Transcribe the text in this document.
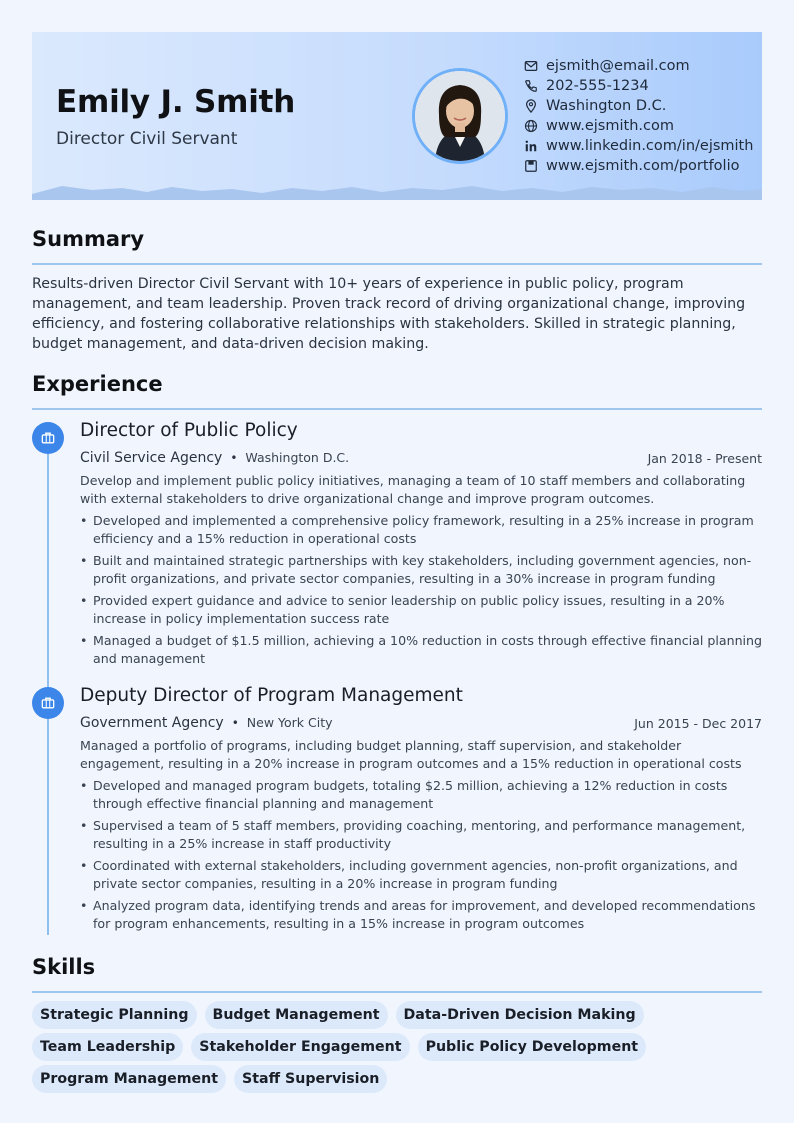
Emily J. Smith
Director Civil Servant
ejsmith@email.com
202-555-1234
Washington D.C.
www.ejsmith.com
www.linkedin.com/in/ejsmith
www.ejsmith.com/portfolio
Summary

Results-driven Director Civil Servant with 10+ years of experience in public policy, program management, and team leadership. Proven track record of driving organizational change, improving efficiency, and fostering collaborative relationships with stakeholders. Skilled in strategic planning, budget management, and data-driven decision making.

Experience
Director of Public Policy
Civil Service Agency • Washington D.C.	Jan 2018 - Present

Develop and implement public policy initiatives, managing a team of 10 staff members and collaborating with external stakeholders to drive organizational change and improve program outcomes.

• Developed and implemented a comprehensive policy framework, resulting in a 25% increase in program efficiency and a 15% reduction in operational costs
• Built and maintained strategic partnerships with key stakeholders, including government agencies, non-profit organizations, and private sector companies, resulting in a 30% increase in program funding
• Provided expert guidance and advice to senior leadership on public policy issues, resulting in a 20% increase in policy implementation success rate
• Managed a budget of $1.5 million, achieving a 10% reduction in costs through effective financial planning and management
Deputy Director of Program Management
Government Agency • New York City	Jun 2015 - Dec 2017

Managed a portfolio of programs, including budget planning, staff supervision, and stakeholder engagement, resulting in a 20% increase in program outcomes and a 15% reduction in operational costs

• Developed and managed program budgets, totaling $2.5 million, achieving a 12% reduction in costs through effective financial planning and management
• Supervised a team of 5 staff members, providing coaching, mentoring, and performance management, resulting in a 25% increase in staff productivity
• Coordinated with external stakeholders, including government agencies, non-profit organizations, and private sector companies, resulting in a 20% increase in program funding
• Analyzed program data, identifying trends and areas for improvement, and developed recommendations for program enhancements, resulting in a 15% increase in program outcomes
Skills
Strategic Planning	Budget Management	Data-Driven Decision Making
Team Leadership	Stakeholder Engagement	Public Policy Development
Program Management	Staff Supervision
